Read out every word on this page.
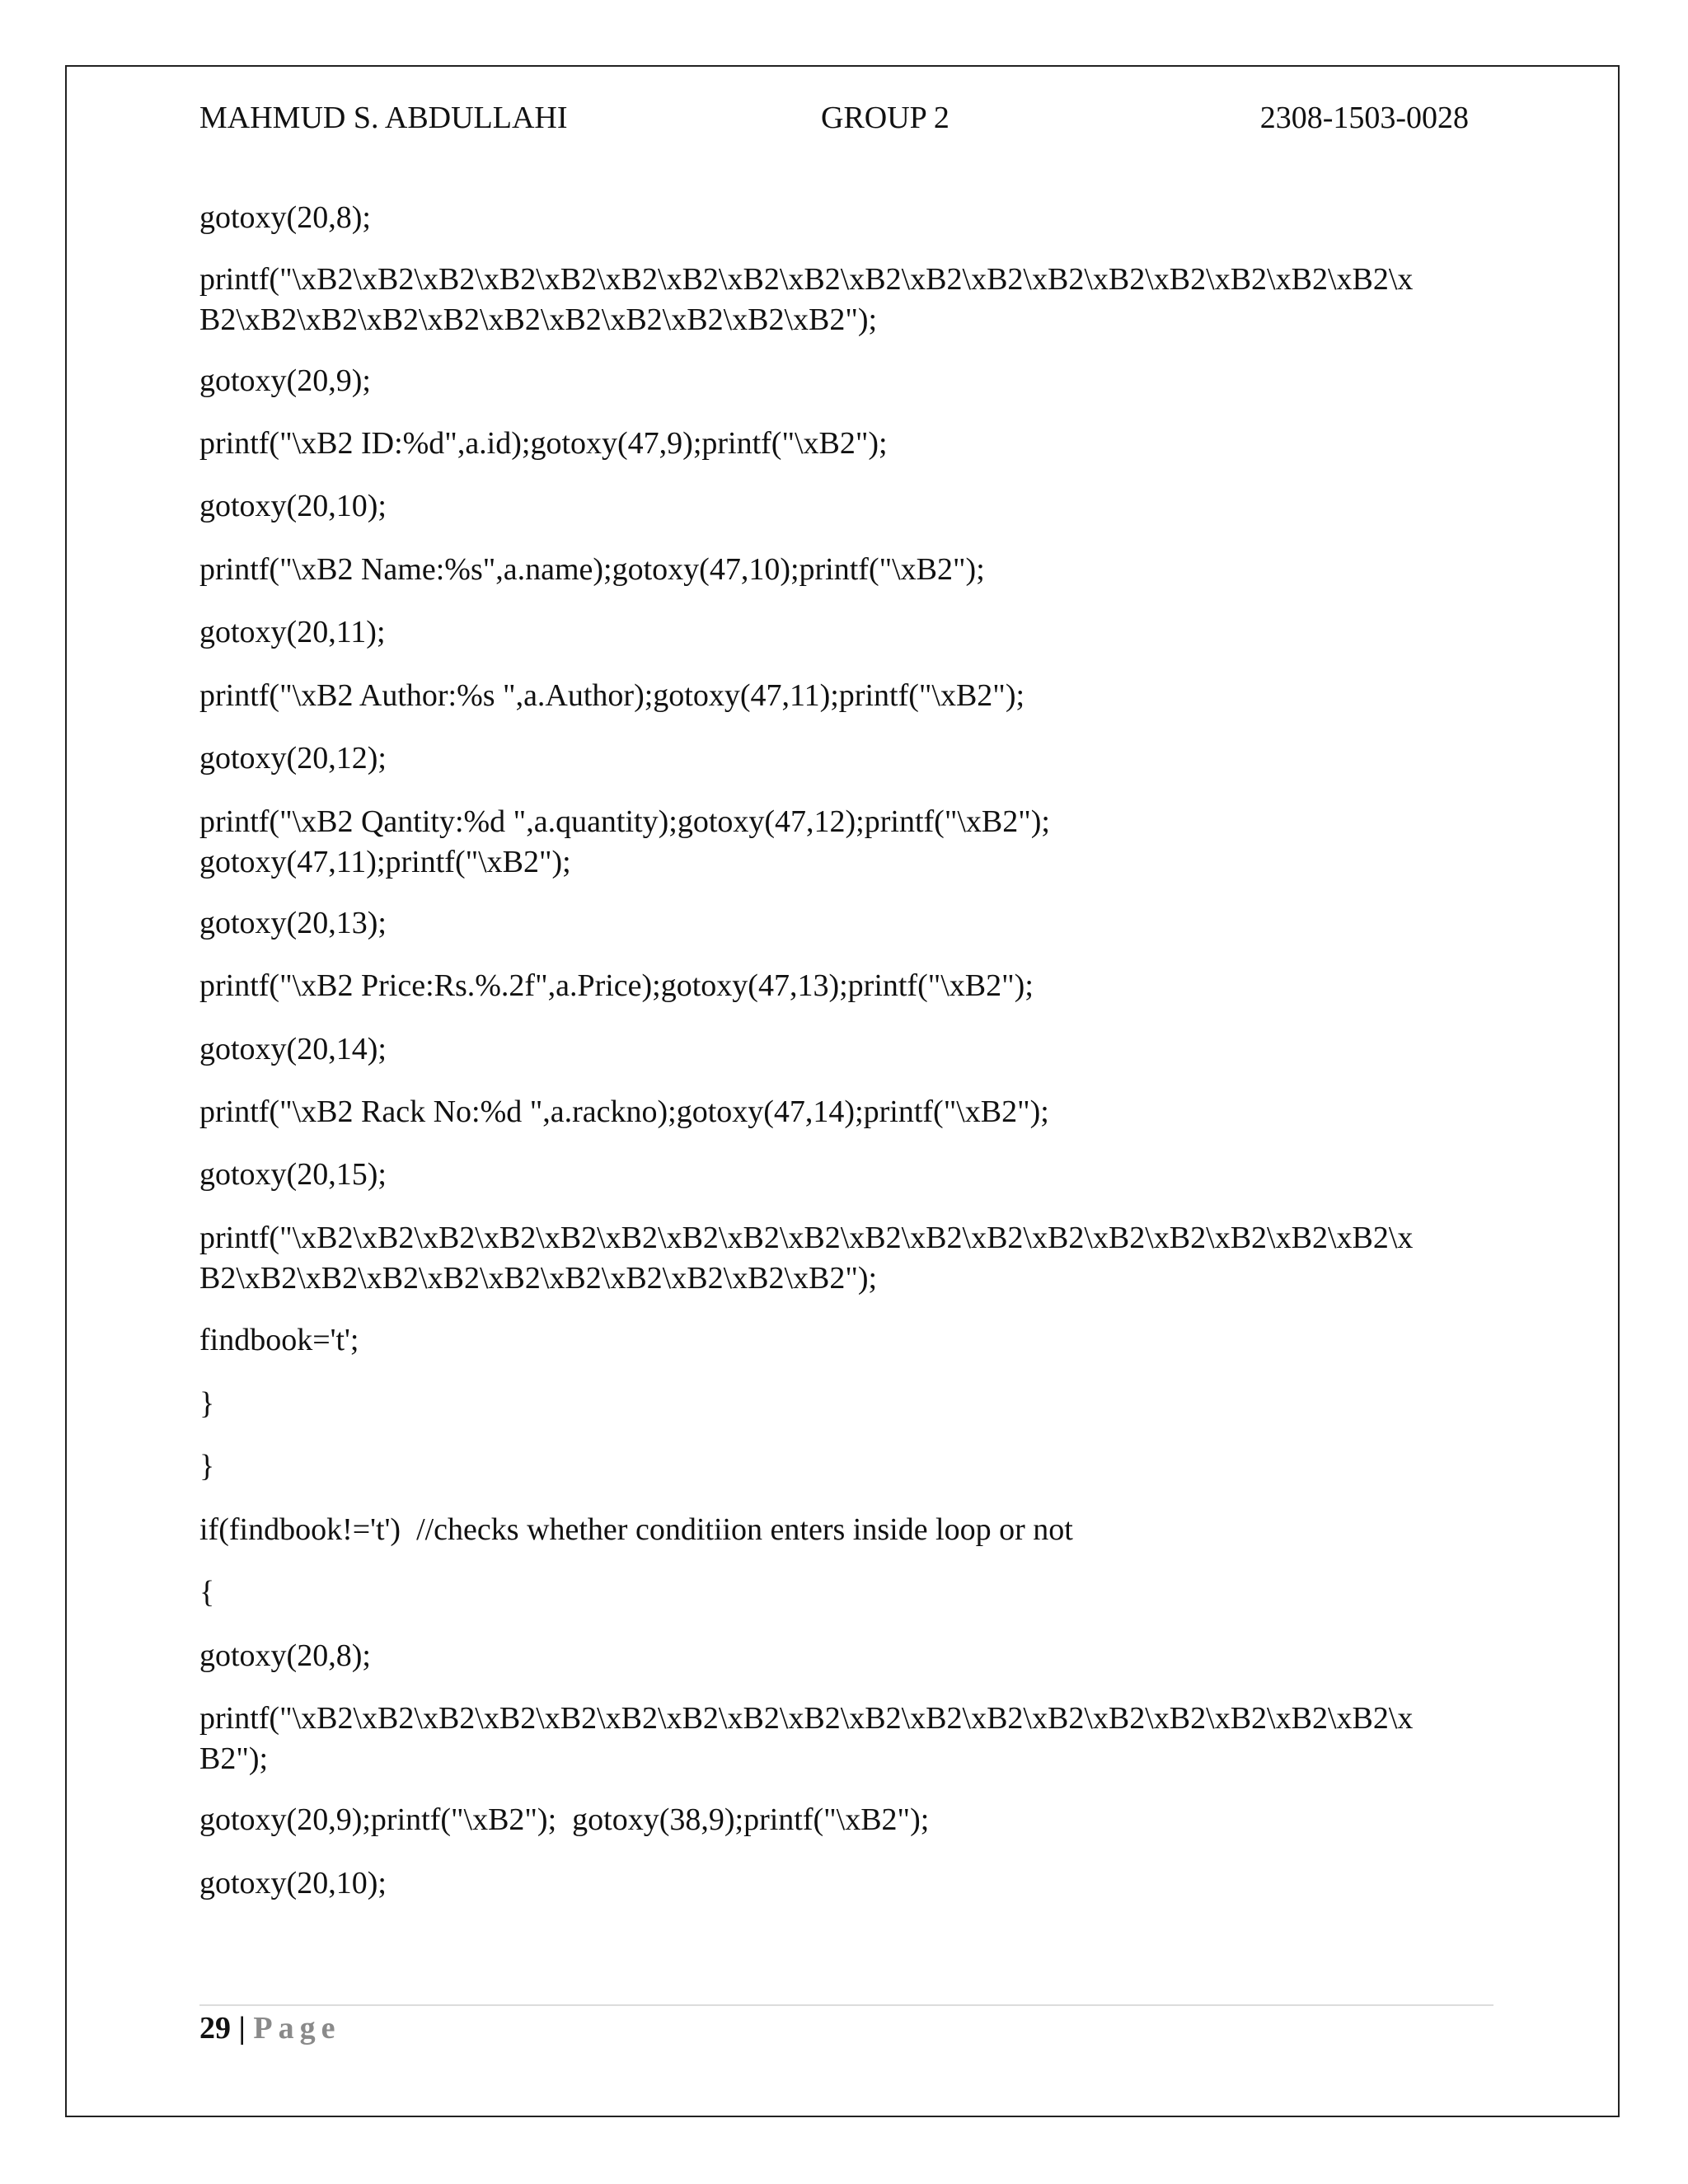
MAHMUD S. ABDULLAHI	GROUP 2	2308-1503-0028
gotoxy(20,8);
printf("\xB2\xB2\xB2\xB2\xB2\xB2\xB2\xB2\xB2\xB2\xB2\xB2\xB2\xB2\xB2\xB2\xB2\xB2\x
B2\xB2\xB2\xB2\xB2\xB2\xB2\xB2\xB2\xB2\xB2");
gotoxy(20,9);
printf("\xB2 ID:%d",a.id);gotoxy(47,9);printf("\xB2");
gotoxy(20,10);
printf("\xB2 Name:%s",a.name);gotoxy(47,10);printf("\xB2");
gotoxy(20,11);
printf("\xB2 Author:%s ",a.Author);gotoxy(47,11);printf("\xB2");
gotoxy(20,12);
printf("\xB2 Qantity:%d ",a.quantity);gotoxy(47,12);printf("\xB2");
gotoxy(47,11);printf("\xB2");
gotoxy(20,13);
printf("\xB2 Price:Rs.%.2f",a.Price);gotoxy(47,13);printf("\xB2");
gotoxy(20,14);
printf("\xB2 Rack No:%d ",a.rackno);gotoxy(47,14);printf("\xB2");
gotoxy(20,15);
printf("\xB2\xB2\xB2\xB2\xB2\xB2\xB2\xB2\xB2\xB2\xB2\xB2\xB2\xB2\xB2\xB2\xB2\xB2\x
B2\xB2\xB2\xB2\xB2\xB2\xB2\xB2\xB2\xB2\xB2");
findbook='t';
}
}
if(findbook!='t')  //checks whether conditiion enters inside loop or not
{
gotoxy(20,8);
printf("\xB2\xB2\xB2\xB2\xB2\xB2\xB2\xB2\xB2\xB2\xB2\xB2\xB2\xB2\xB2\xB2\xB2\xB2\x
B2");
gotoxy(20,9);printf("\xB2");  gotoxy(38,9);printf("\xB2");
gotoxy(20,10);
29 | Page
